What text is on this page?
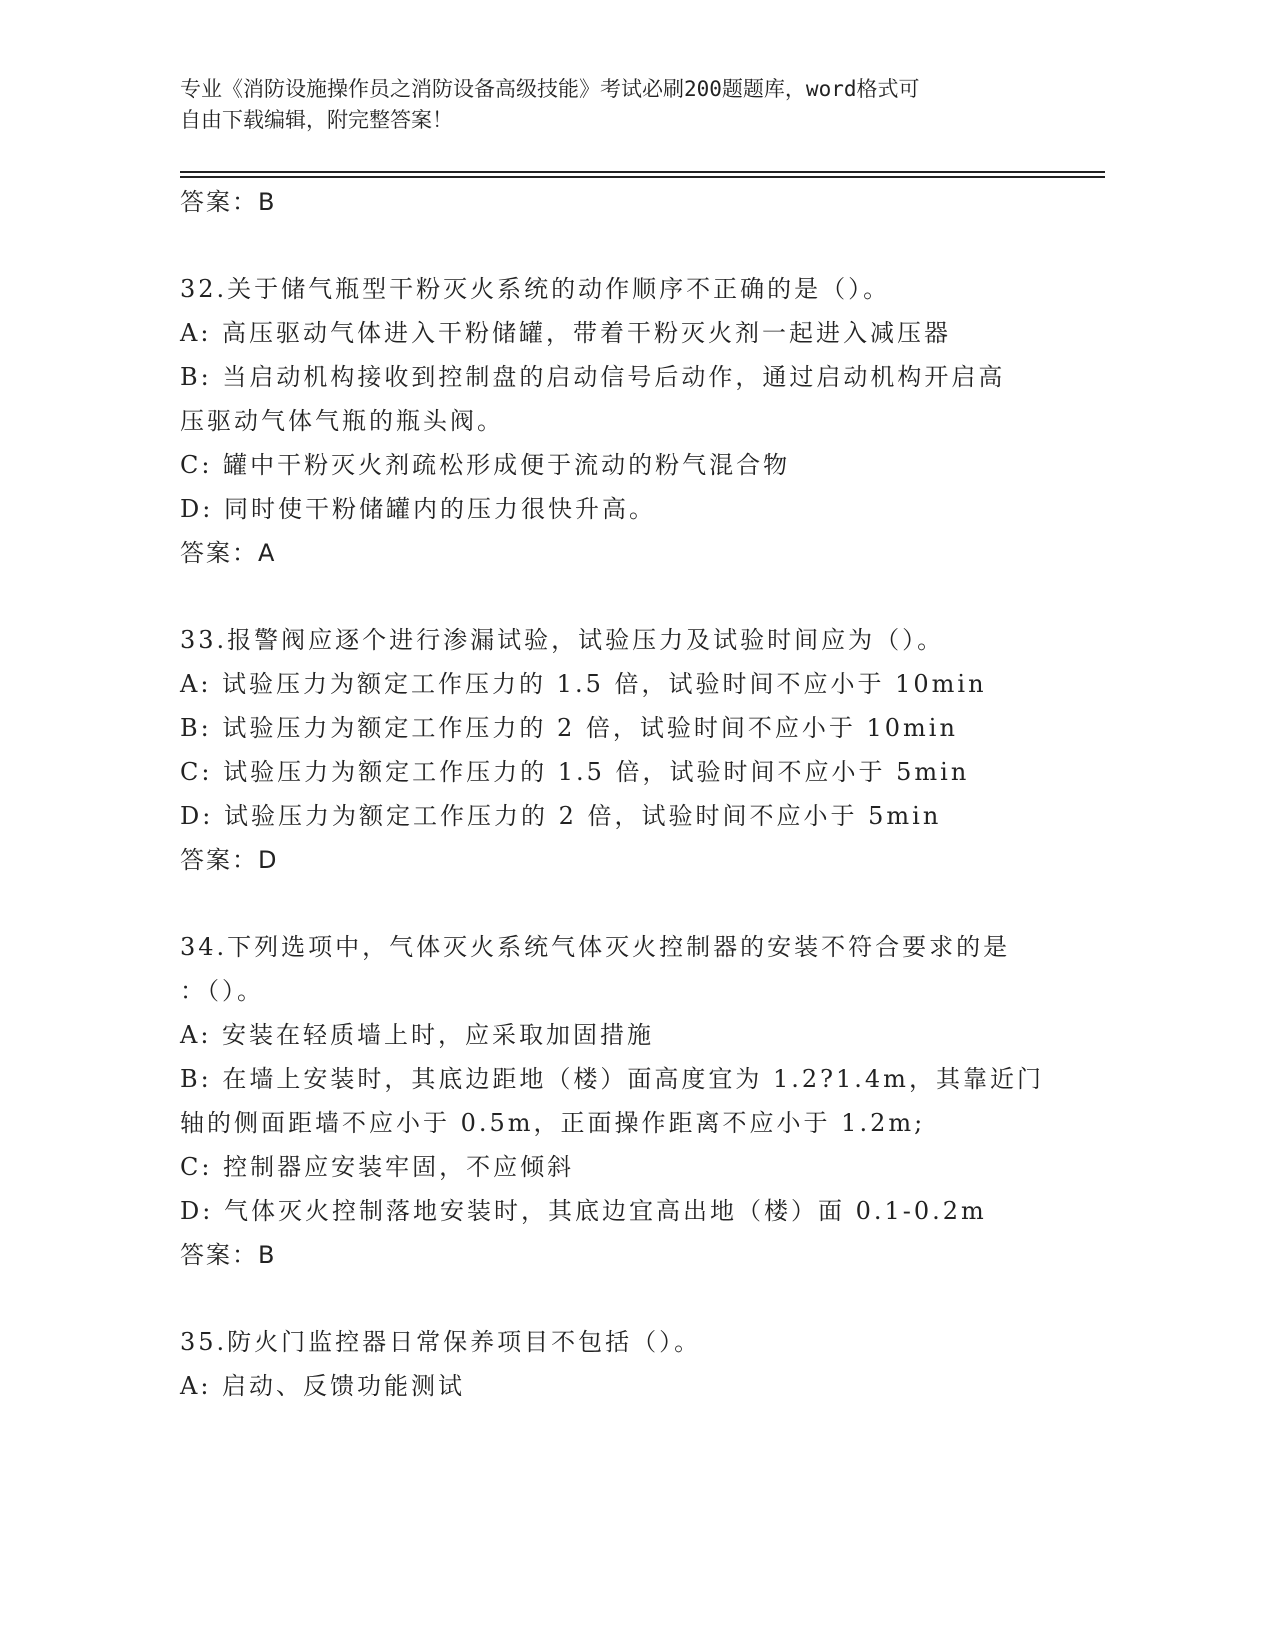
专业《消防设施操作员之消防设备高级技能》考试必刷200题题库，word格式可
自由下载编辑，附完整答案！
答案：B
32.关于储气瓶型干粉灭火系统的动作顺序不正确的是（）。
A: 高压驱动气体进入干粉储罐，带着干粉灭火剂一起进入减压器
B: 当启动机构接收到控制盘的启动信号后动作，通过启动机构开启高
压驱动气体气瓶的瓶头阀。
C: 罐中干粉灭火剂疏松形成便于流动的粉气混合物
D: 同时使干粉储罐内的压力很快升高。
答案：A
33.报警阀应逐个进行渗漏试验，试验压力及试验时间应为（）。
A: 试验压力为额定工作压力的 1.5 倍，试验时间不应小于 10min
B: 试验压力为额定工作压力的 2 倍，试验时间不应小于 10min
C: 试验压力为额定工作压力的 1.5 倍，试验时间不应小于 5min
D: 试验压力为额定工作压力的 2 倍，试验时间不应小于 5min
答案：D
34.下列选项中，气体灭火系统气体灭火控制器的安装不符合要求的是
：（）。
A: 安装在轻质墙上时，应采取加固措施
B: 在墙上安装时，其底边距地（楼）面高度宜为 1.2?1.4m，其靠近门
轴的侧面距墙不应小于 0.5m，正面操作距离不应小于 1.2m;
C: 控制器应安装牢固，不应倾斜
D: 气体灭火控制落地安装时，其底边宜高出地（楼）面 0.1-0.2m
答案：B
35.防火门监控器日常保养项目不包括（）。
A: 启动、反馈功能测试
